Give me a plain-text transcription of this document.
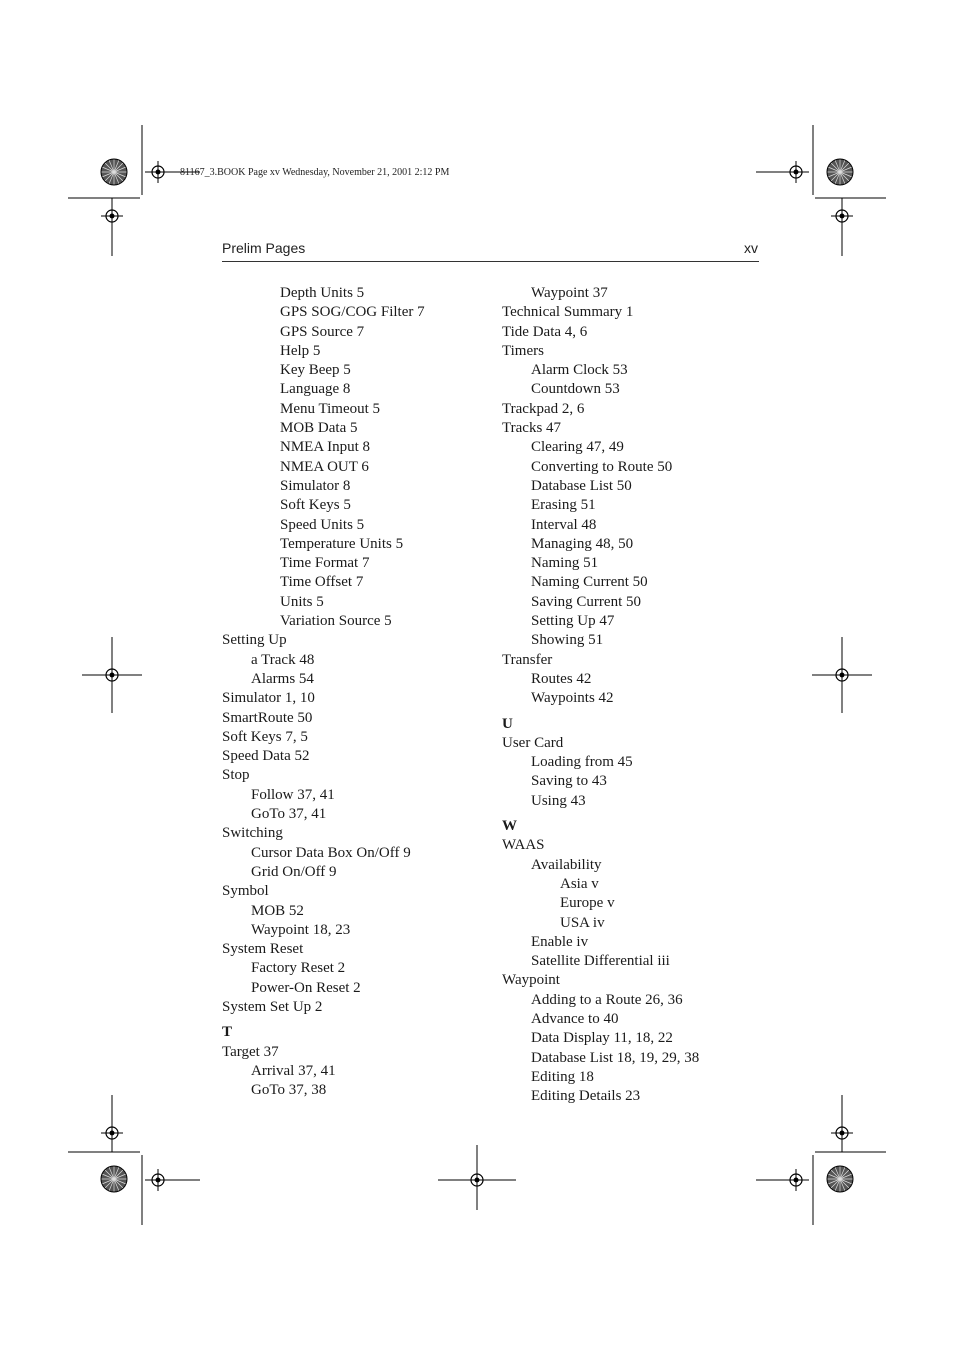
81167_3.BOOK Page xv Wednesday, November 21, 2001 2:12 PM
Prelim Pages	xv
Depth Units 5
GPS SOG/COG Filter 7
GPS Source 7
Help 5
Key Beep 5
Language 8
Menu Timeout 5
MOB Data 5
NMEA Input 8
NMEA OUT 6
Simulator 8
Soft Keys 5
Speed Units 5
Temperature Units 5
Time Format 7
Time Offset 7
Units 5
Variation Source 5
Setting Up
a Track 48
Alarms 54
Simulator 1, 10
SmartRoute 50
Soft Keys 7, 5
Speed Data 52
Stop
Follow 37, 41
GoTo 37, 41
Switching
Cursor Data Box On/Off 9
Grid On/Off 9
Symbol
MOB 52
Waypoint 18, 23
System Reset
Factory Reset 2
Power-On Reset 2
System Set Up 2
T
Target 37
Arrival 37, 41
GoTo 37, 38
Waypoint 37
Technical Summary 1
Tide Data 4, 6
Timers
Alarm Clock 53
Countdown 53
Trackpad 2, 6
Tracks 47
Clearing 47, 49
Converting to Route 50
Database List 50
Erasing 51
Interval 48
Managing 48, 50
Naming 51
Naming Current 50
Saving Current 50
Setting Up 47
Showing 51
Transfer
Routes 42
Waypoints 42
U
User Card
Loading from 45
Saving to 43
Using 43
W
WAAS
Availability
Asia v
Europe v
USA iv
Enable iv
Satellite Differential iii
Waypoint
Adding to a Route 26, 36
Advance to 40
Data Display 11, 18, 22
Database List 18, 19, 29, 38
Editing 18
Editing Details 23
